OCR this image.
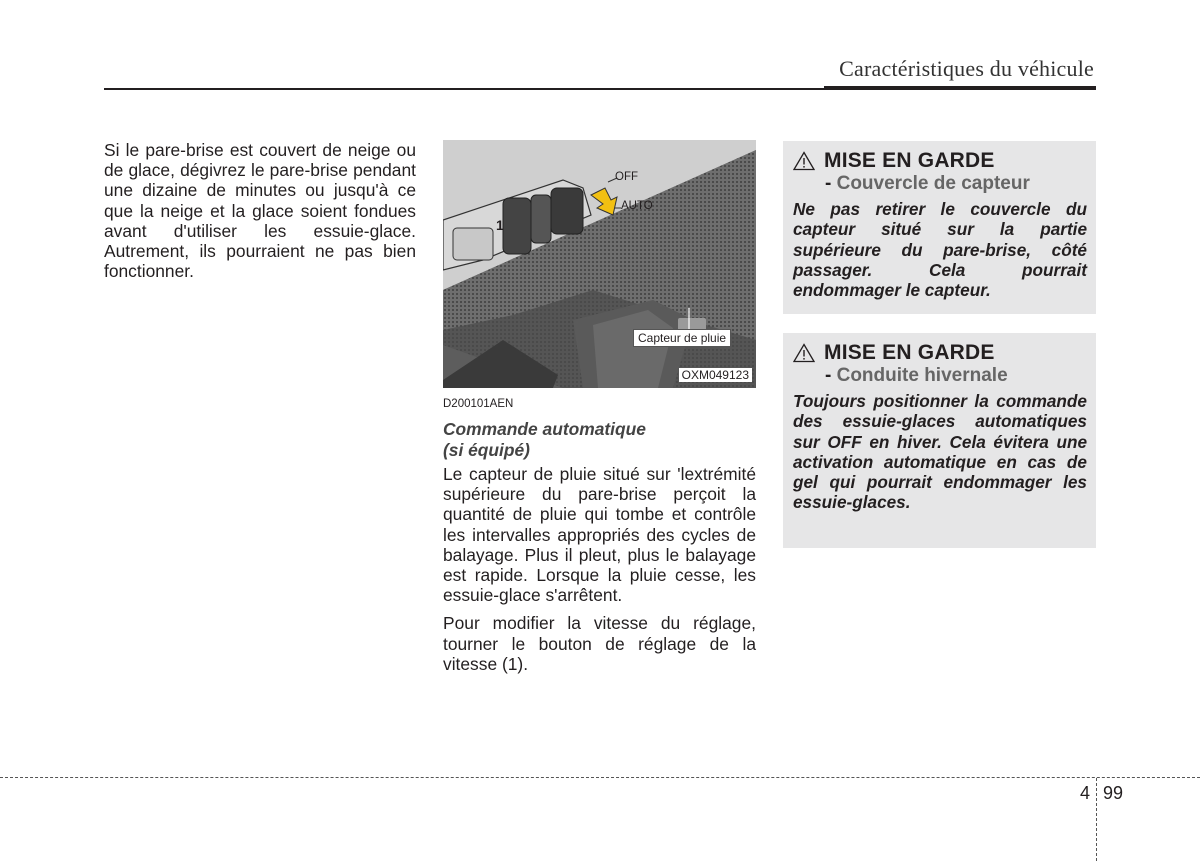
Caractéristiques du véhicule
Si le pare-brise est couvert de neige ou de glace, dégivrez le pare-brise pendant une dizaine de minutes ou jusqu'à ce que la neige et la glace soient fondues avant d'utiliser les essuie-glace. Autrement, ils pourraient ne pas bien fonctionner.
OFF
AUTO
1
Capteur de pluie
OXM049123
D200101AEN
Commande automatique
(si équipé)

Le capteur de pluie situé sur 'lextrémité supérieure du pare-brise perçoit la quantité de pluie qui tombe et contrôle les intervalles appropriés des cycles de balayage. Plus il pleut, plus le balayage est rapide. Lorsque la pluie cesse, les essuie-glace s'arrêtent.

Pour modifier la vitesse du réglage, tourner le bouton de réglage de la vitesse (1).

MISE EN GARDE
- Couvercle de capteur
Ne pas retirer le couvercle du capteur situé sur la partie supérieure du pare-brise, côté passager. Cela pourrait endommager le capteur.
MISE EN GARDE
- Conduite hivernale
Toujours positionner la commande des essuie-glaces automatiques sur OFF en hiver. Cela évitera une activation automatique en cas de gel qui pourrait endommager les essuie-glaces.
4 99
